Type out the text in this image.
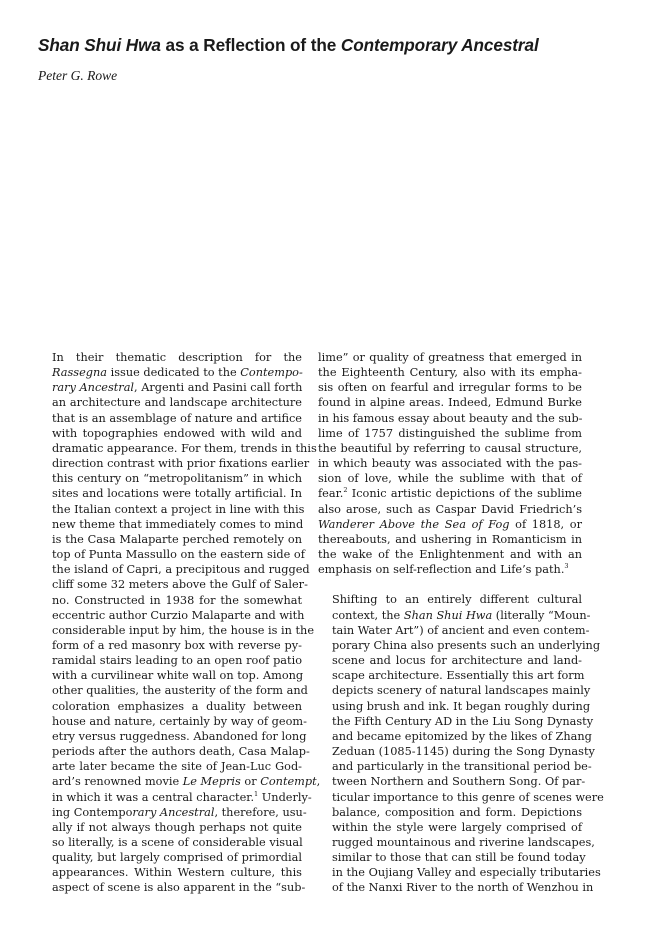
Shan Shui Hwa as a Reflection of the Contemporary Ancestral

Peter G. Rowe

In their thematic description for the
Rassegna issue dedicated to the Contempo-
rary Ancestral, Argenti and Pasini call forth
an architecture and landscape architecture
that is an assemblage of nature and artifice
with topographies endowed with wild and
dramatic appearance. For them, trends in this
direction contrast with prior fixations earlier
this century on “metropolitanism” in which
sites and locations were totally artificial. In
the Italian context a project in line with this
new theme that immediately comes to mind
is the Casa Malaparte perched remotely on
top of Punta Massullo on the eastern side of
the island of Capri, a precipitous and rugged
cliff some 32 meters above the Gulf of Saler-
no. Constructed in 1938 for the somewhat
eccentric author Curzio Malaparte and with
considerable input by him, the house is in the
form of a red masonry box with reverse py-
ramidal stairs leading to an open roof patio
with a curvilinear white wall on top. Among
other qualities, the austerity of the form and
coloration emphasizes a duality between
house and nature, certainly by way of geom-
etry versus ruggedness. Abandoned for long
periods after the authors death, Casa Malap-
arte later became the site of Jean-Luc God-
ard’s renowned movie Le Mepris or Contempt,
in which it was a central character.$^1$ Underly-
ing Contemporary Ancestral, therefore, usu-
ally if not always though perhaps not quite
so literally, is a scene of considerable visual
quality, but largely comprised of primordial
appearances. Within Western culture, this
aspect of scene is also apparent in the “sub-

lime” or quality of greatness that emerged in
the Eighteenth Century, also with its empha-
sis often on fearful and irregular forms to be
found in alpine areas. Indeed, Edmund Burke
in his famous essay about beauty and the sub-
lime of 1757 distinguished the sublime from
the beautiful by referring to causal structure,
in which beauty was associated with the pas-
sion of love, while the sublime with that of
fear.$^2$ Iconic artistic depictions of the sublime
also arose, such as Caspar David Friedrich’s
Wanderer Above the Sea of Fog of 1818, or
thereabouts, and ushering in Romanticism in
the wake of the Enlightenment and with an
emphasis on self-reflection and Life’s path.$^3$

Shifting to an entirely different cultural
context, the Shan Shui Hwa (literally “Moun-
tain Water Art”) of ancient and even contem-
porary China also presents such an underlying
scene and locus for architecture and land-
scape architecture. Essentially this art form
depicts scenery of natural landscapes mainly
using brush and ink. It began roughly during
the Fifth Century AD in the Liu Song Dynasty
and became epitomized by the likes of Zhang
Zeduan (1085-1145) during the Song Dynasty
and particularly in the transitional period be-
tween Northern and Southern Song. Of par-
ticular importance to this genre of scenes were
balance, composition and form. Depictions
within the style were largely comprised of
rugged mountainous and riverine landscapes,
similar to those that can still be found today
in the Oujiang Valley and especially tributaries
of the Nanxi River to the north of Wenzhou in
